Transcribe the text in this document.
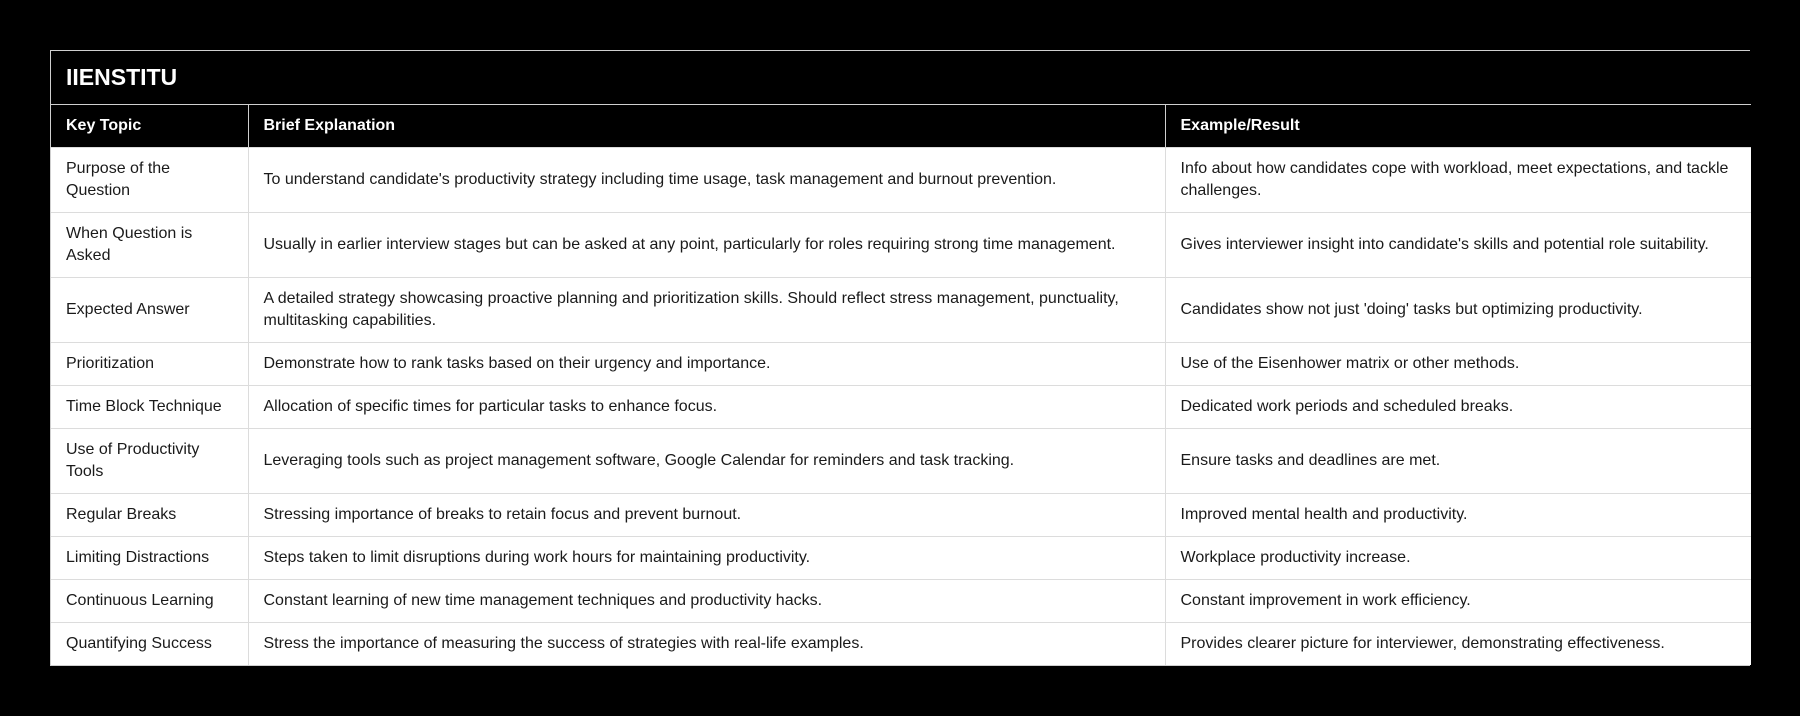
IIENSTITU		
Key Topic	Brief Explanation	Example/Result
Purpose of the Question	To understand candidate's productivity strategy including time usage, task management and burnout prevention.	Info about how candidates cope with workload, meet expectations, and tackle challenges.
When Question is Asked	Usually in earlier interview stages but can be asked at any point, particularly for roles requiring strong time management.	Gives interviewer insight into candidate's skills and potential role suitability.
Expected Answer	A detailed strategy showcasing proactive planning and prioritization skills. Should reflect stress management, punctuality, multitasking capabilities.	Candidates show not just 'doing' tasks but optimizing productivity.
Prioritization	Demonstrate how to rank tasks based on their urgency and importance.	Use of the Eisenhower matrix or other methods.
Time Block Technique	Allocation of specific times for particular tasks to enhance focus.	Dedicated work periods and scheduled breaks.
Use of Productivity Tools	Leveraging tools such as project management software, Google Calendar for reminders and task tracking.	Ensure tasks and deadlines are met.
Regular Breaks	Stressing importance of breaks to retain focus and prevent burnout.	Improved mental health and productivity.
Limiting Distractions	Steps taken to limit disruptions during work hours for maintaining productivity.	Workplace productivity increase.
Continuous Learning	Constant learning of new time management techniques and productivity hacks.	Constant improvement in work efficiency.
Quantifying Success	Stress the importance of measuring the success of strategies with real-life examples.	Provides clearer picture for interviewer, demonstrating effectiveness.
